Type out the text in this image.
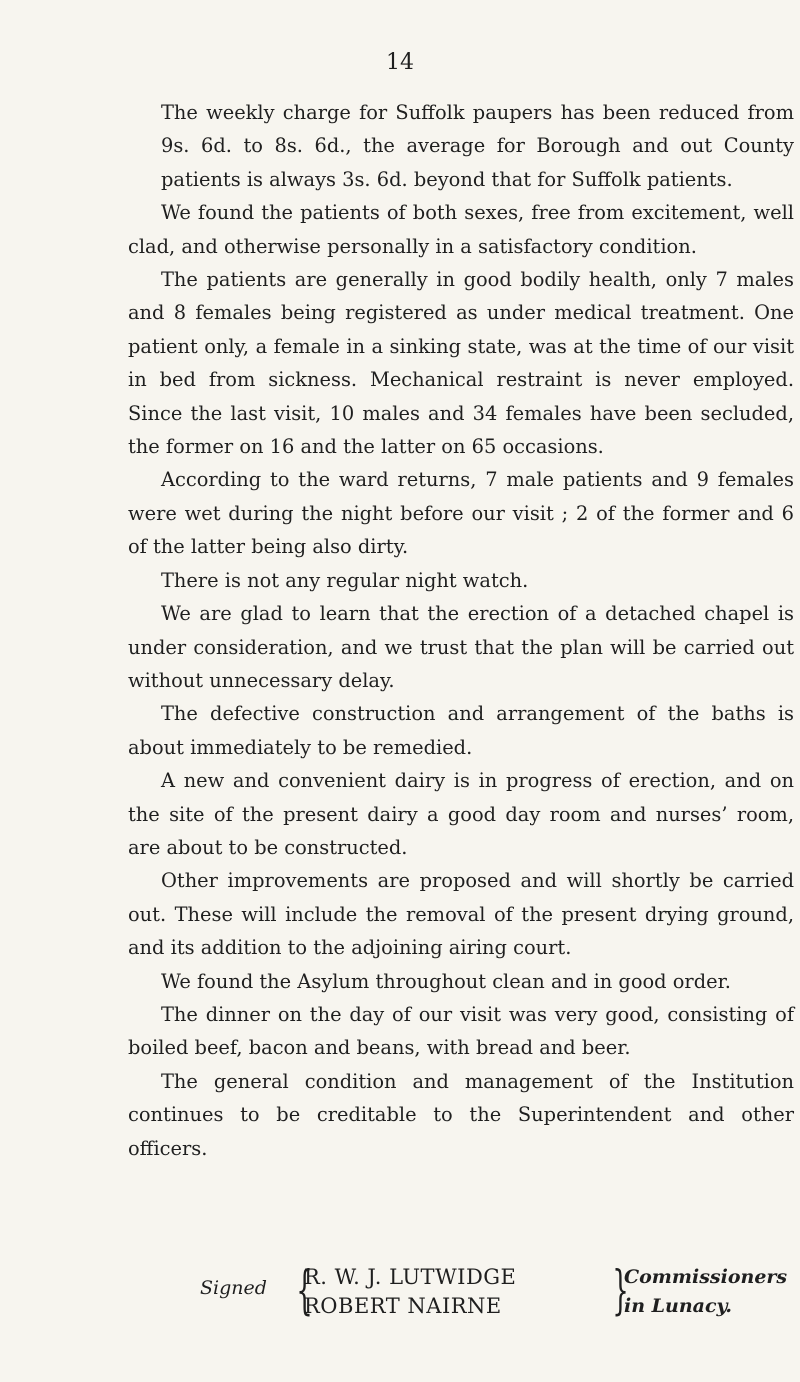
14

The weekly charge for Suffolk paupers has been reduced from 9s. 6d. to 8s. 6d., the average for Borough and out County patients is always 3s. 6d. beyond that for Suffolk patients.

We found the patients of both sexes, free from excitement, well clad, and otherwise personally in a satisfactory condition.

The patients are generally in good bodily health, only 7 males and 8 females being registered as under medical treatment. One patient only, a female in a sinking state, was at the time of our visit in bed from sickness. Mechanical restraint is never employed. Since the last visit, 10 males and 34 females have been secluded, the former on 16 and the latter on 65 occasions.

According to the ward returns, 7 male patients and 9 females were wet during the night before our visit ; 2 of the former and 6 of the latter being also dirty.

There is not any regular night watch.

We are glad to learn that the erection of a detached chapel is under consideration, and we trust that the plan will be carried out without unnecessary delay.

The defective construction and arrangement of the baths is about immediately to be remedied.

A new and convenient dairy is in progress of erection, and on the site of the present dairy a good day room and nurses’ room, are about to be constructed.

Other improvements are proposed and will shortly be carried out. These will include the removal of the present drying ground, and its addition to the adjoining airing court.

We found the Asylum throughout clean and in good order.

The dinner on the day of our visit was very good, consisting of boiled beef, bacon and beans, with bread and beer.

The general condition and management of the Institution continues to be creditable to the Superintendent and other officers.

Signed {
R. W. J. LUTWIDGE
ROBERT NAIRNE }
Commissioners
in Lunacy.
